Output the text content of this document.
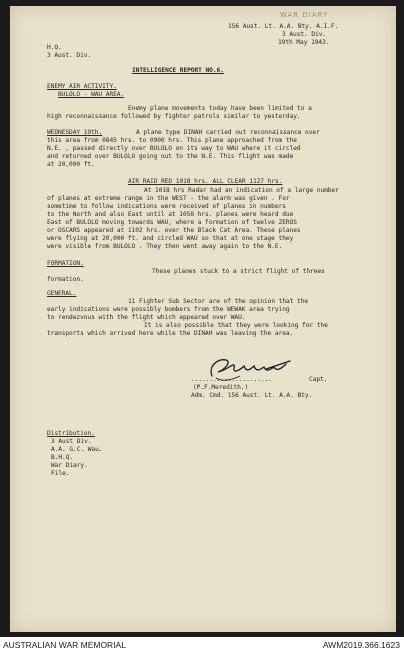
WAR DIARY
156 Aust. Lt. A.A. Bty. A.I.F.
3 Aust. Div.
19th May 1943.
H.Q.
3 Aust. Div.
INTELLIGENCE REPORT NO.6.
ENEMY AIR ACTIVITY.
BULOLO - WAU AREA.
Enemy plane movements today have been limited to a
high reconnaissance followed by fighter patrols similar to yesterday.
WEDNESDAY 19th.	A plane type DINAH carried out reconnaissance over
this area from 0845 hrs. to 0900 hrs. This plane approached from the
N.E. , passed directly over BULOLO on its way to WAU where it circled
and returned over BULOLO going out to the N.E. This flight was made
at 20,000 ft.
AIR RAID RED 1018 hrs. ALL CLEAR 1127 hrs.
At 1018 hrs Radar had an indication of a large number
of planes at extreme range in the WEST - the alarm was given . For
sometime to follow indications were received of planes in numbers
to the North and also East until at 1058 hrs. planes were heard due
East of BULOLO moving towards WAU, where a formation of twelve ZEROS
or OSCARS appeared at 1102 hrs. over the Black Cat Area. These planes
were flying at 20,000 ft. and circled WAU so that at one stage they
were visible from BULOLO . They then went away again to the N.E.
FORMATION.
These planes stuck to a strict flight of threes
formation.
GENERAL.
11 Fighter Sub Sector are of the opinion that the
early indications were possibly bombers from the WEWAK area trying
to rendezvous with the flight which appeared over WAU.
It is also possible that they were looking for the
transports which arrived here while the DINAH was leaving the area.
......................	Capt.
(P.F.Meredith.)
Adm. Cmd. 156 Aust. Lt. A.A. Bty.
Distribution.
3 Aust Div.
A.A. G.C. Wau.
B.H.Q.
War Diary.
File.
AUSTRALIAN WAR MEMORIAL	AWM2019.366.1623
